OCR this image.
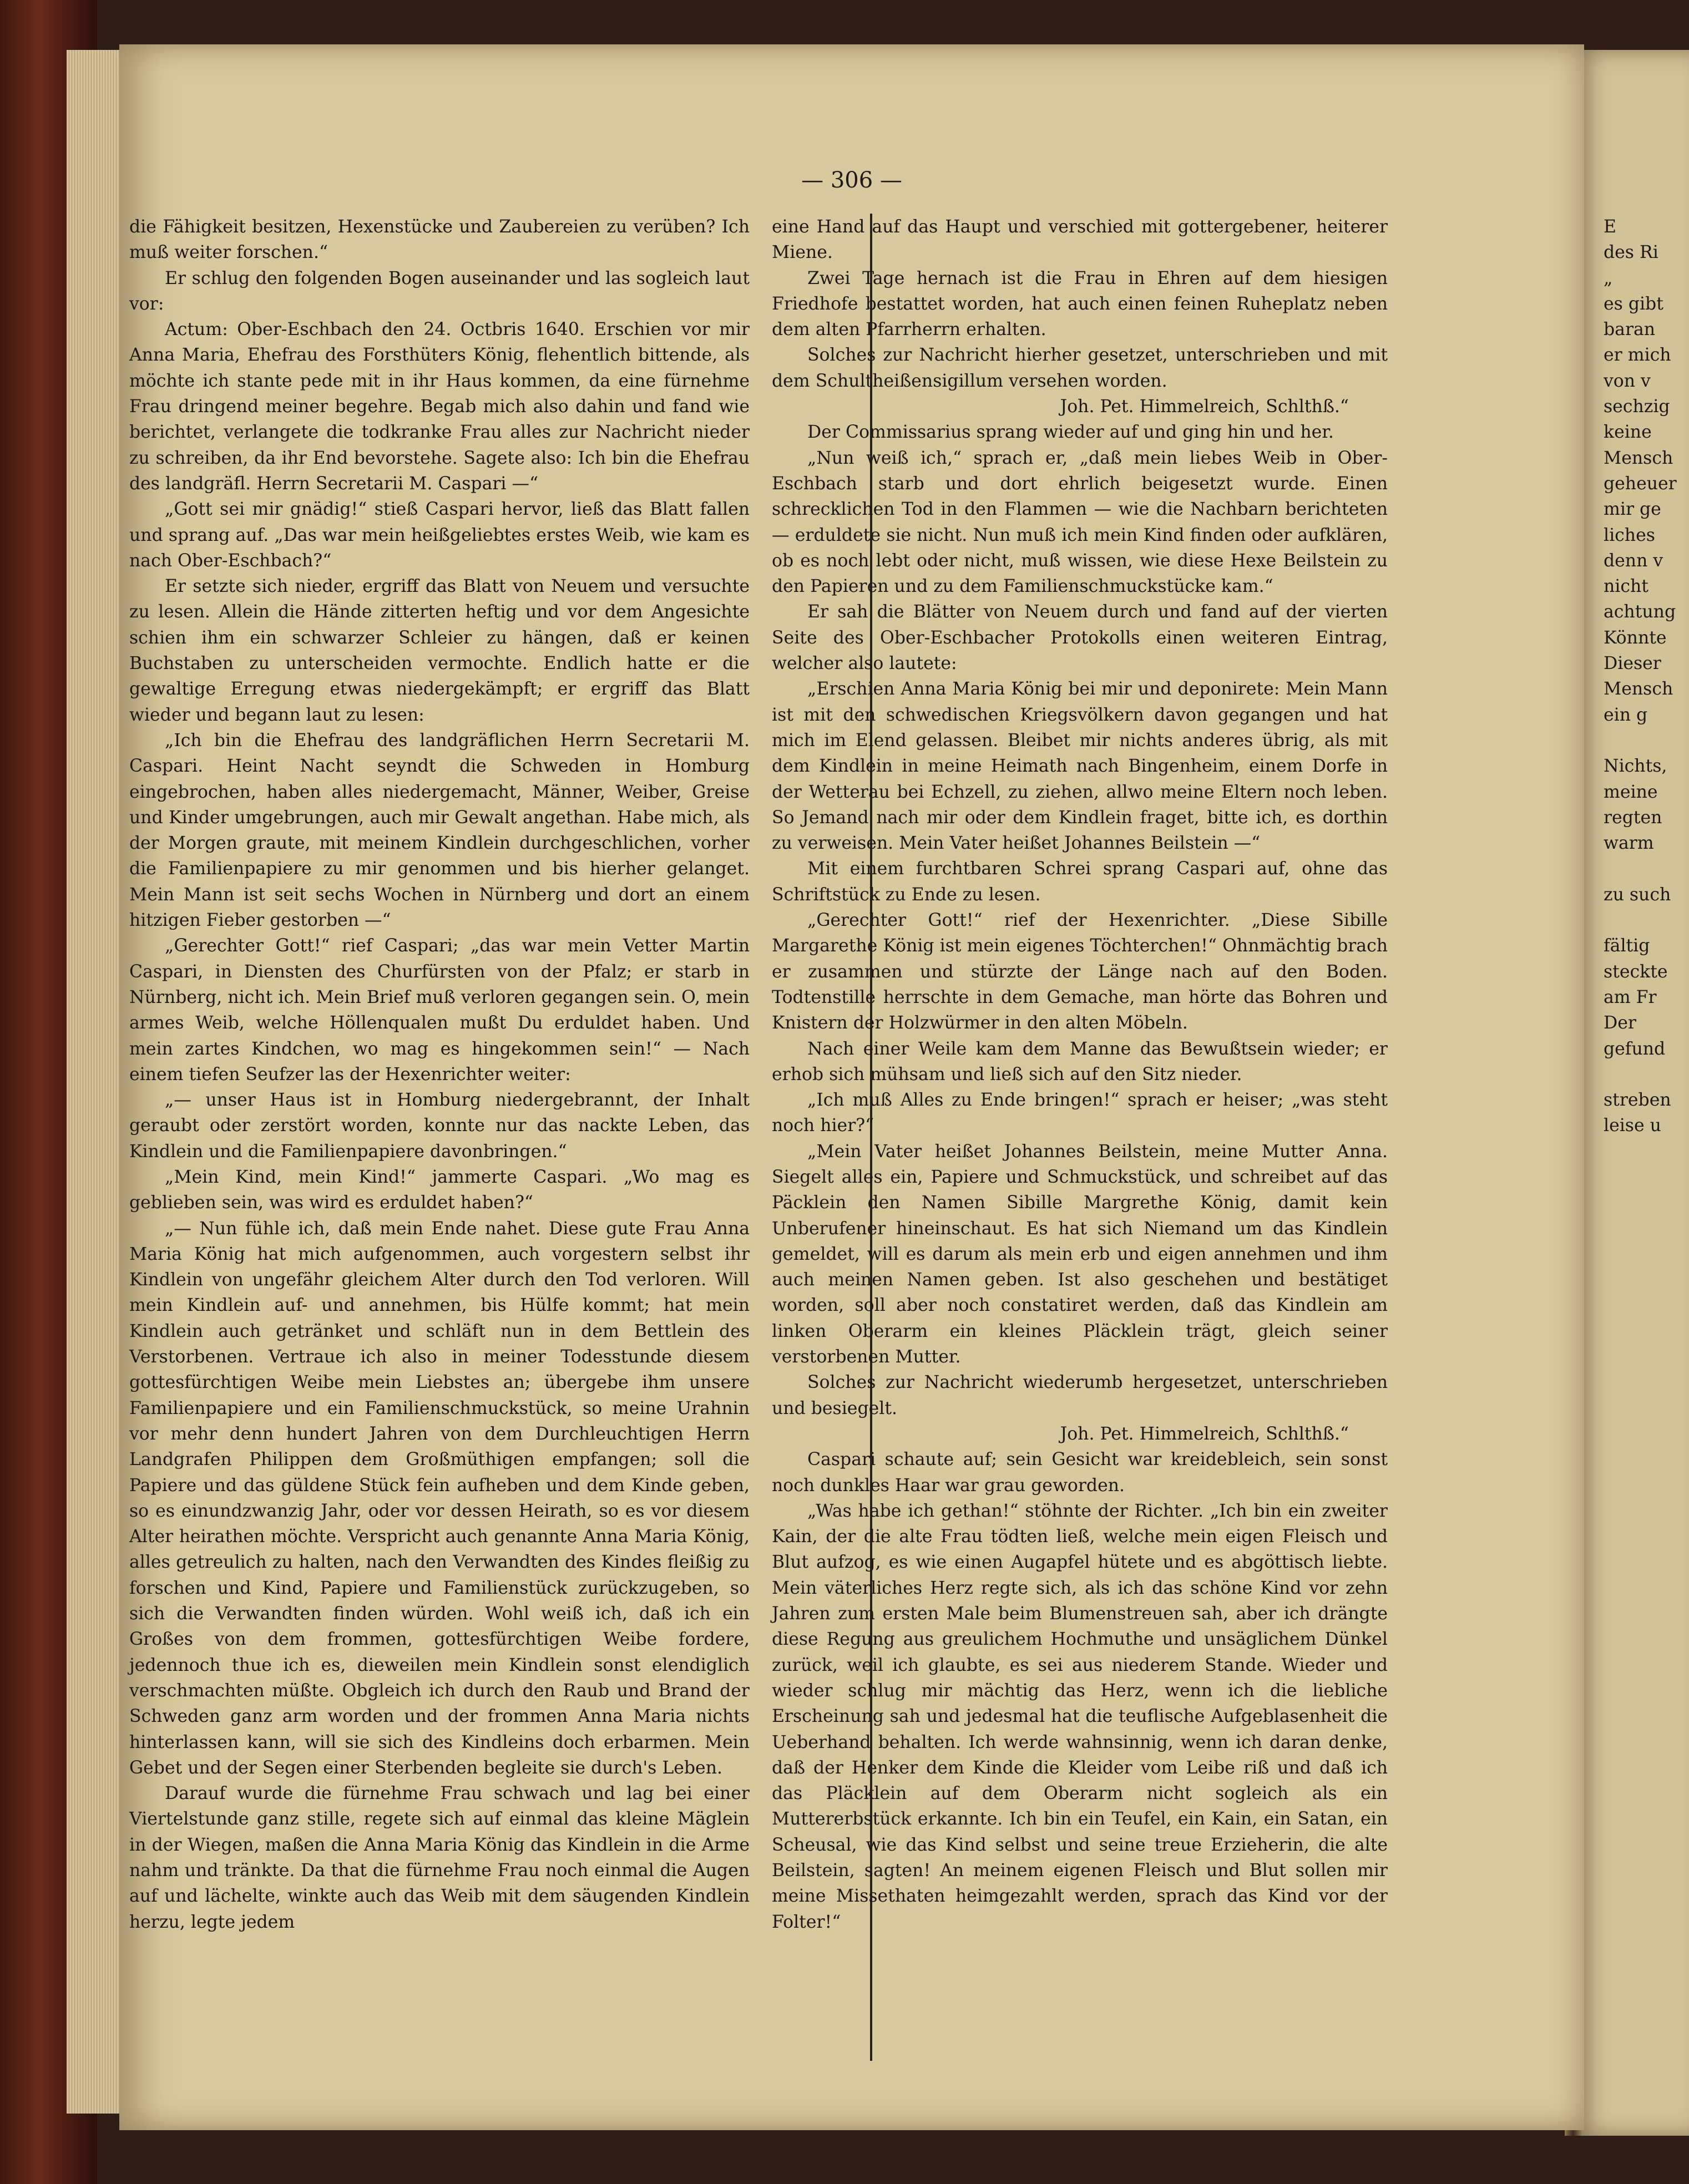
— 306 —

die Fähigkeit besitzen, Hexenstücke und Zaubereien zu verüben? Ich muß weiter forschen.“

Er schlug den folgenden Bogen auseinander und las sogleich laut vor:

Actum: Ober-Eschbach den 24. Octbris 1640. Erschien vor mir Anna Maria, Ehefrau des Forsthüters König, flehentlich bittende, als möchte ich stante pede mit in ihr Haus kommen, da eine fürnehme Frau dringend meiner begehre. Begab mich also dahin und fand wie berichtet, verlangete die todkranke Frau alles zur Nachricht nieder zu schreiben, da ihr End bevorstehe. Sagete also: Ich bin die Ehefrau des landgräfl. Herrn Secretarii M. Caspari —“

„Gott sei mir gnädig!“ stieß Caspari hervor, ließ das Blatt fallen und sprang auf. „Das war mein heißgeliebtes erstes Weib, wie kam es nach Ober-Eschbach?“

Er setzte sich nieder, ergriff das Blatt von Neuem und versuchte zu lesen. Allein die Hände zitterten heftig und vor dem Angesichte schien ihm ein schwarzer Schleier zu hängen, daß er keinen Buchstaben zu unterscheiden vermochte. Endlich hatte er die gewaltige Erregung etwas niedergekämpft; er ergriff das Blatt wieder und begann laut zu lesen:

„Ich bin die Ehefrau des landgräflichen Herrn Secretarii M. Caspari. Heint Nacht seyndt die Schweden in Homburg eingebrochen, haben alles niedergemacht, Männer, Weiber, Greise und Kinder umgebrungen, auch mir Gewalt angethan. Habe mich, als der Morgen graute, mit meinem Kindlein durchgeschlichen, vorher die Familienpapiere zu mir genommen und bis hierher gelanget. Mein Mann ist seit sechs Wochen in Nürnberg und dort an einem hitzigen Fieber gestorben —“

„Gerechter Gott!“ rief Caspari; „das war mein Vetter Martin Caspari, in Diensten des Churfürsten von der Pfalz; er starb in Nürnberg, nicht ich. Mein Brief muß verloren gegangen sein. O, mein armes Weib, welche Höllenqualen mußt Du erduldet haben. Und mein zartes Kindchen, wo mag es hingekommen sein!“ — Nach einem tiefen Seufzer las der Hexenrichter weiter:

„— unser Haus ist in Homburg niedergebrannt, der Inhalt geraubt oder zerstört worden, konnte nur das nackte Leben, das Kindlein und die Familienpapiere davonbringen.“

„Mein Kind, mein Kind!“ jammerte Caspari. „Wo mag es geblieben sein, was wird es erduldet haben?“

„— Nun fühle ich, daß mein Ende nahet. Diese gute Frau Anna Maria König hat mich aufgenommen, auch vorgestern selbst ihr Kindlein von ungefähr gleichem Alter durch den Tod verloren. Will mein Kindlein auf- und annehmen, bis Hülfe kommt; hat mein Kindlein auch getränket und schläft nun in dem Bettlein des Verstorbenen. Vertraue ich also in meiner Todesstunde diesem gottesfürchtigen Weibe mein Liebstes an; übergebe ihm unsere Familienpapiere und ein Familienschmuckstück, so meine Urahnin vor mehr denn hundert Jahren von dem Durchleuchtigen Herrn Landgrafen Philippen dem Großmüthigen empfangen; soll die Papiere und das güldene Stück fein aufheben und dem Kinde geben, so es einundzwanzig Jahr, oder vor dessen Heirath, so es vor diesem Alter heirathen möchte. Verspricht auch genannte Anna Maria König, alles getreulich zu halten, nach den Verwandten des Kindes fleißig zu forschen und Kind, Papiere und Familienstück zurückzugeben, so sich die Verwandten finden würden. Wohl weiß ich, daß ich ein Großes von dem frommen, gottesfürchtigen Weibe fordere, jedennoch thue ich es, dieweilen mein Kindlein sonst elendiglich verschmachten müßte. Obgleich ich durch den Raub und Brand der Schweden ganz arm worden und der frommen Anna Maria nichts hinterlassen kann, will sie sich des Kindleins doch erbarmen. Mein Gebet und der Segen einer Sterbenden begleite sie durch's Leben.

Darauf wurde die fürnehme Frau schwach und lag bei einer Viertelstunde ganz stille, regete sich auf einmal das kleine Mäglein in der Wiegen, maßen die Anna Maria König das Kindlein in die Arme nahm und tränkte. Da that die fürnehme Frau noch einmal die Augen auf und lächelte, winkte auch das Weib mit dem säugenden Kindlein herzu, legte jedem

eine Hand auf das Haupt und verschied mit gottergebener, heiterer Miene.

Zwei Tage hernach ist die Frau in Ehren auf dem hiesigen Friedhofe bestattet worden, hat auch einen feinen Ruheplatz neben dem alten Pfarrherrn erhalten.

Solches zur Nachricht hierher gesetzet, unterschrieben und mit dem Schultheißensigillum versehen worden.

Joh. Pet. Himmelreich, Schlthß.“

Der Commissarius sprang wieder auf und ging hin und her.

„Nun weiß ich,“ sprach er, „daß mein liebes Weib in Ober-Eschbach starb und dort ehrlich beigesetzt wurde. Einen schrecklichen Tod in den Flammen — wie die Nachbarn berichteten — erduldete sie nicht. Nun muß ich mein Kind finden oder aufklären, ob es noch lebt oder nicht, muß wissen, wie diese Hexe Beilstein zu den Papieren und zu dem Familienschmuckstücke kam.“

Er sah die Blätter von Neuem durch und fand auf der vierten Seite des Ober-Eschbacher Protokolls einen weiteren Eintrag, welcher also lautete:

„Erschien Anna Maria König bei mir und deponirete: Mein Mann ist mit den schwedischen Kriegsvölkern davon gegangen und hat mich im Elend gelassen. Bleibet mir nichts anderes übrig, als mit dem Kindlein in meine Heimath nach Bingenheim, einem Dorfe in der Wetterau bei Echzell, zu ziehen, allwo meine Eltern noch leben. So Jemand nach mir oder dem Kindlein fraget, bitte ich, es dorthin zu verweisen. Mein Vater heißet Johannes Beilstein —“

Mit einem furchtbaren Schrei sprang Caspari auf, ohne das Schriftstück zu Ende zu lesen.

„Gerechter Gott!“ rief der Hexenrichter. „Diese Sibille Margarethe König ist mein eigenes Töchterchen!“ Ohnmächtig brach er zusammen und stürzte der Länge nach auf den Boden. Todtenstille herrschte in dem Gemache, man hörte das Bohren und Knistern der Holzwürmer in den alten Möbeln.

Nach einer Weile kam dem Manne das Bewußtsein wieder; er erhob sich mühsam und ließ sich auf den Sitz nieder.

„Ich muß Alles zu Ende bringen!“ sprach er heiser; „was steht noch hier?“

„Mein Vater heißet Johannes Beilstein, meine Mutter Anna. Siegelt alles ein, Papiere und Schmuckstück, und schreibet auf das Päcklein den Namen Sibille Margrethe König, damit kein Unberufener hineinschaut. Es hat sich Niemand um das Kindlein gemeldet, will es darum als mein erb und eigen annehmen und ihm auch meinen Namen geben. Ist also geschehen und bestätiget worden, soll aber noch constatiret werden, daß das Kindlein am linken Oberarm ein kleines Pläcklein trägt, gleich seiner verstorbenen Mutter.

Solches zur Nachricht wiederumb hergesetzet, unterschrieben und besiegelt.

Joh. Pet. Himmelreich, Schlthß.“

Caspari schaute auf; sein Gesicht war kreidebleich, sein sonst noch dunkles Haar war grau geworden.

„Was habe ich gethan!“ stöhnte der Richter. „Ich bin ein zweiter Kain, der die alte Frau tödten ließ, welche mein eigen Fleisch und Blut aufzog, es wie einen Augapfel hütete und es abgöttisch liebte. Mein väterliches Herz regte sich, als ich das schöne Kind vor zehn Jahren zum ersten Male beim Blumenstreuen sah, aber ich drängte diese Regung aus greulichem Hochmuthe und unsäglichem Dünkel zurück, weil ich glaubte, es sei aus niederem Stande. Wieder und wieder schlug mir mächtig das Herz, wenn ich die liebliche Erscheinung sah und jedesmal hat die teuflische Aufgeblasenheit die Ueberhand behalten. Ich werde wahnsinnig, wenn ich daran denke, daß der Henker dem Kinde die Kleider vom Leibe riß und daß ich das Pläcklein auf dem Oberarm nicht sogleich als ein Muttererbstück erkannte. Ich bin ein Teufel, ein Kain, ein Satan, ein Scheusal, wie das Kind selbst und seine treue Erzieherin, die alte Beilstein, sagten! An meinem eigenen Fleisch und Blut sollen mir meine Missethaten heimgezahlt werden, sprach das Kind vor der Folter!“

E
des Ri
„
es gibt
baran
er mich
von v
sechzig
keine
Mensch
geheuer
mir ge
liches
denn v
nicht
achtung
Könnte
Dieser
Mensch
ein g

Nichts,
meine
regten
warm

zu such

fältig
steckte
am Fr
Der
gefund

streben
leise u
